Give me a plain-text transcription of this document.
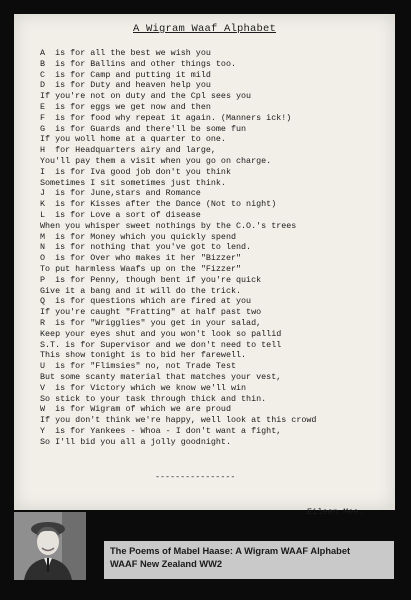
A Wigram Waaf Alphabet
A  is for all the best we wish you
B  is for Ballins and other things too.
C  is for Camp and putting it mild
D  is for Duty and heaven help you
If you're not on duty and the Cpl sees you
E  is for eggs we get now and then
F  is for food why repeat it again. (Manners ick!)
G  is for Guards and there'll be some fun
If you woll home at a quarter to one.
H  for Headquarters airy and large,
You'll pay them a visit when you go on charge.
I  is for Iva good job don't you think
Sometimes I sit sometimes just think.
J  is for June,stars and Romance
K  is for Kisses after the Dance (Not to night)
L  is for Love a sort of disease
When you whisper sweet nothings by the C.O.'s trees
M  is for Money which you quickly spend
N  is for nothing that you've got to lend.
O  is for Over who makes it her "Bizzer"
To put harmless Waafs up on the "Fizzer"
P  is for Penny, though bent if you're quick
Give it a bang and it will do the trick.
Q  is for questions which are fired at you
If you're caught "Fratting" at half past two
R  is for "Wrigglies" you get in your salad,
Keep your eyes shut and you won't look so pallid
S.T. is for Supervisor and we don't need to tell
This show tonight is to bid her farewell.
U  is for "Flimsies" no, not Trade Test
But some scanty material that matches your vest,
V  is for Victory which we know we'll win
So stick to your task through thick and thin.
W  is for Wigram of which we are proud
If you don't think we're happy, well look at this crowd
Y  is for Yankees - Whoa - I don't want a fight,
So I'll bid you all a jolly goodnight.
----------------
Eileen Mee.
The Poems of Mabel Haase: A Wigram WAAF Alphabet
WAAF New Zealand WW2
